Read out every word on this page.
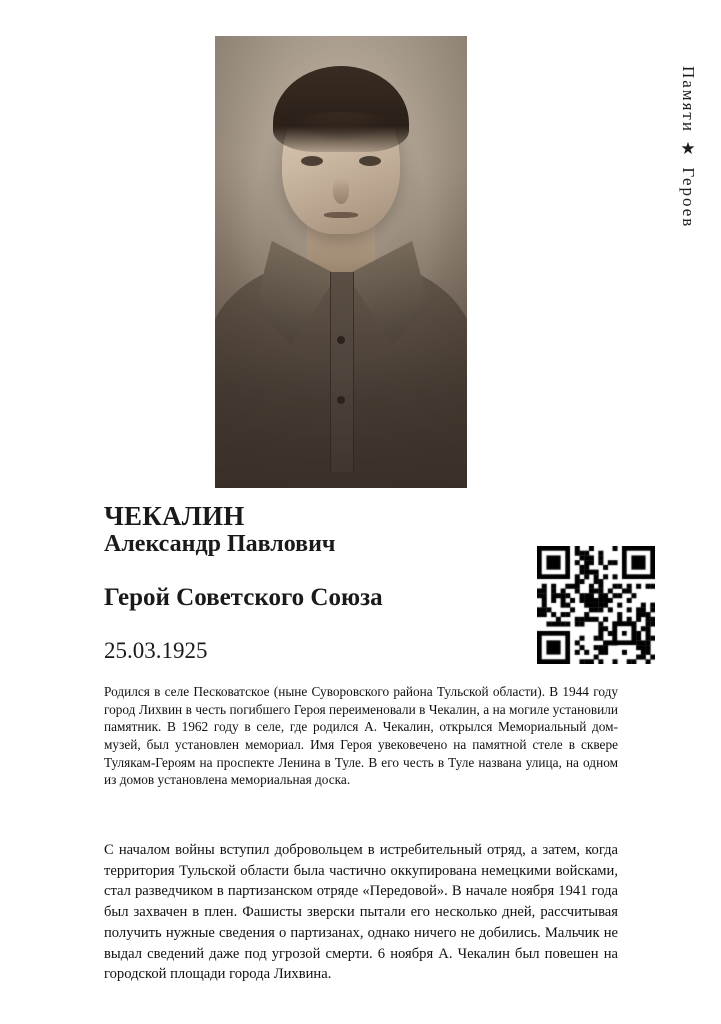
Памяти ★ Героев
ЧЕКАЛИН
Александр Павлович
Герой Советского Союза
25.03.1925
Родился в селе Песковатское (ныне Суворовского района Тульской области). В 1944 году город Лихвин в честь погибшего Героя переименовали в Чекалин, а на могиле установили памятник. В 1962 году в селе, где родился А. Чекалин, открылся Мемориальный дом-музей, был установлен мемориал. Имя Героя увековечено на памятной стеле в сквере Тулякам-Героям на проспекте Ленина в Туле. В его честь в Туле названа улица, на одном из домов установлена мемориальная доска.
С началом войны вступил добровольцем в истребительный отряд, а затем, когда территория Тульской области была частично оккупирована немецкими войсками, стал разведчиком в партизанском отряде «Передовой». В начале ноября 1941 года был захвачен в плен. Фашисты зверски пытали его несколько дней, рассчитывая получить нужные сведения о партизанах, однако ничего не добились. Мальчик не выдал сведений даже под угрозой смерти. 6 ноября А. Чекалин был повешен на городской площади города Лихвина.
